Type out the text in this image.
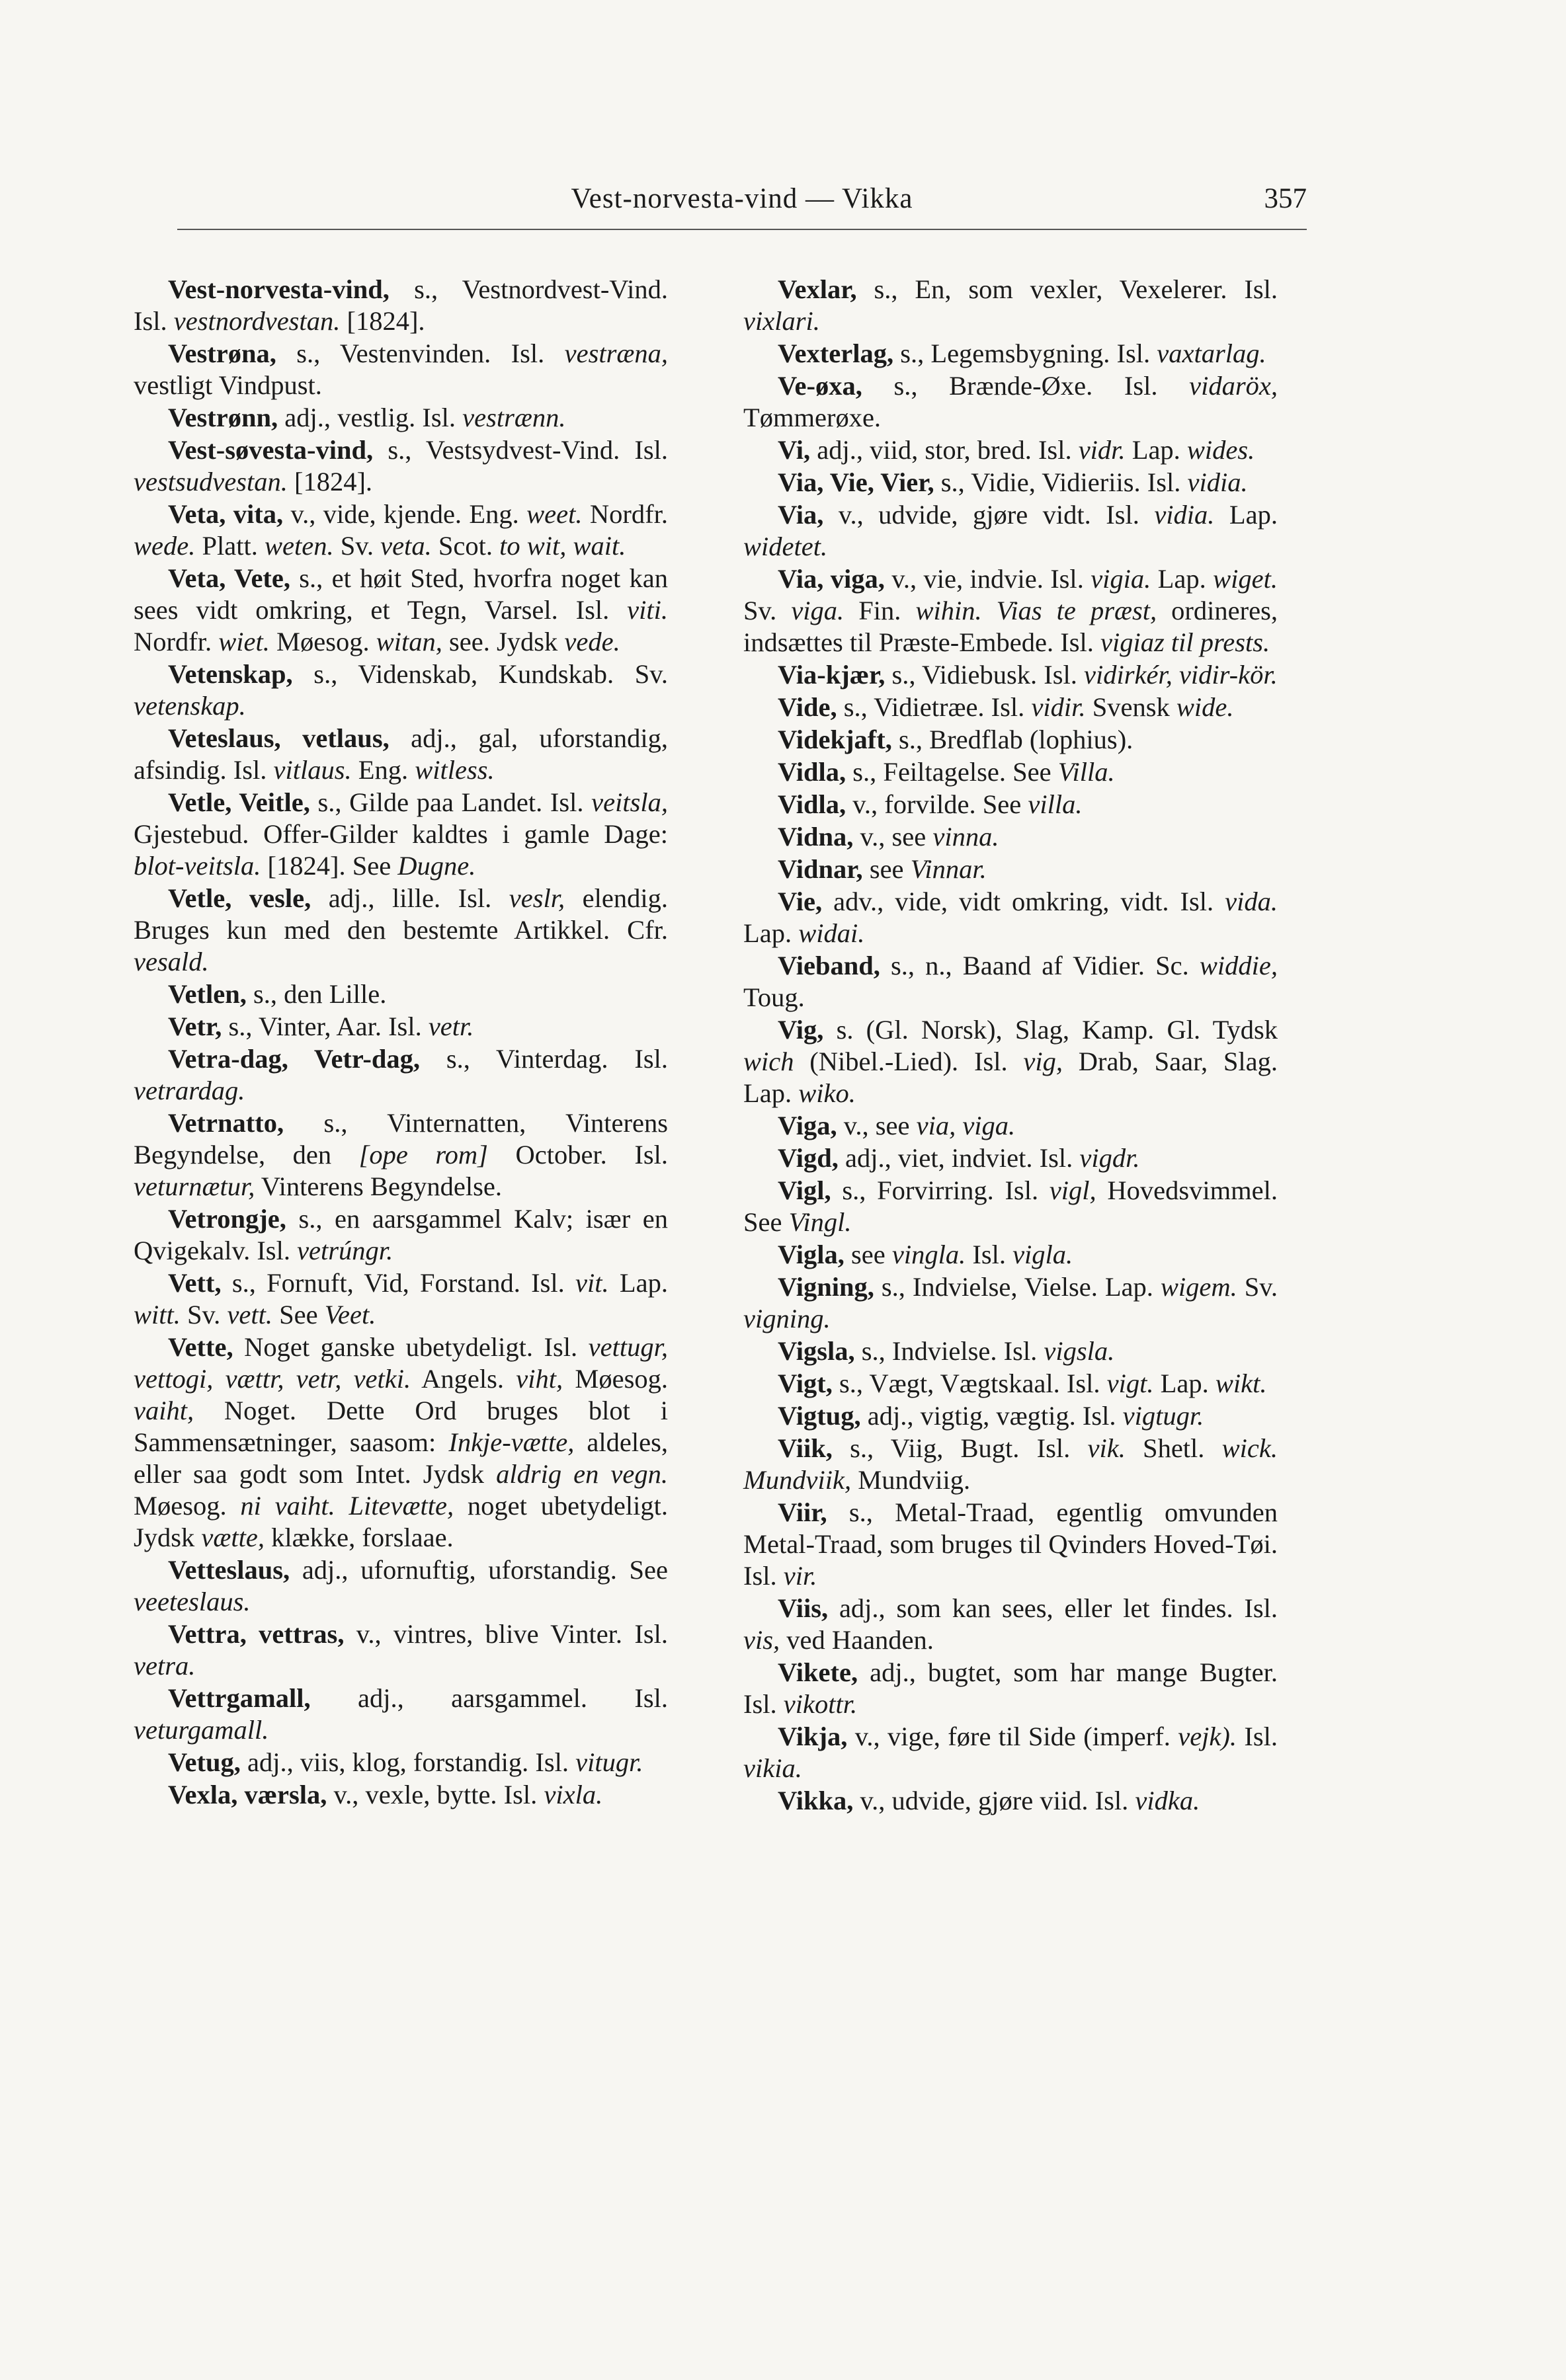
Vest-norvesta-vind — Vikka	357

Vest-norvesta-vind, s., Vestnordvest-Vind. Isl. vestnordvestan. [1824].

Vestrøna, s., Vestenvinden. Isl. vestræna, vestligt Vindpust.

Vestrønn, adj., vestlig. Isl. vestrænn.

Vest-søvesta-vind, s., Vestsydvest-Vind. Isl. vestsudvestan. [1824].

Veta, vita, v., vide, kjende. Eng. weet. Nordfr. wede. Platt. weten. Sv. veta. Scot. to wit, wait.

Veta, Vete, s., et høit Sted, hvorfra noget kan sees vidt omkring, et Tegn, Varsel. Isl. viti. Nordfr. wiet. Møesog. witan, see. Jydsk vede.

Vetenskap, s., Videnskab, Kundskab. Sv. vetenskap.

Veteslaus, vetlaus, adj., gal, uforstandig, afsindig. Isl. vitlaus. Eng. witless.

Vetle, Veitle, s., Gilde paa Landet. Isl. veitsla, Gjestebud. Offer-Gilder kaldtes i gamle Dage: blot-veitsla. [1824]. See Dugne.

Vetle, vesle, adj., lille. Isl. veslr, elendig. Bruges kun med den bestemte Artikkel. Cfr. vesald.

Vetlen, s., den Lille.

Vetr, s., Vinter, Aar. Isl. vetr.

Vetra-dag, Vetr-dag, s., Vinterdag. Isl. vetrardag.

Vetrnatto, s., Vinternatten, Vinterens Begyndelse, den [ope rom] October. Isl. veturnætur, Vinterens Begyndelse.

Vetrongje, s., en aarsgammel Kalv; især en Qvigekalv. Isl. vetrúngr.

Vett, s., Fornuft, Vid, Forstand. Isl. vit. Lap. witt. Sv. vett. See Veet.

Vette, Noget ganske ubetydeligt. Isl. vettugr, vettogi, vættr, vetr, vetki. Angels. viht, Møesog. vaiht, Noget. Dette Ord bruges blot i Sammensætninger, saasom: Inkje-vætte, aldeles, eller saa godt som Intet. Jydsk aldrig en vegn. Møesog. ni vaiht. Litevætte, noget ubetydeligt. Jydsk vætte, klække, forslaae.

Vetteslaus, adj., ufornuftig, uforstandig. See veeteslaus.

Vettra, vettras, v., vintres, blive Vinter. Isl. vetra.

Vettrgamall, adj., aarsgammel. Isl. veturgamall.

Vetug, adj., viis, klog, forstandig. Isl. vitugr.

Vexla, værsla, v., vexle, bytte. Isl. vixla.

Vexlar, s., En, som vexler, Vexelerer. Isl. vixlari.

Vexterlag, s., Legemsbygning. Isl. vaxtarlag.

Ve-øxa, s., Brænde-Øxe. Isl. vidaröx, Tømmerøxe.

Vi, adj., viid, stor, bred. Isl. vidr. Lap. wides.

Via, Vie, Vier, s., Vidie, Vidieriis. Isl. vidia.

Via, v., udvide, gjøre vidt. Isl. vidia. Lap. widetet.

Via, viga, v., vie, indvie. Isl. vigia. Lap. wiget. Sv. viga. Fin. wihin. Vias te præst, ordineres, indsættes til Præste-Embede. Isl. vigiaz til prests.

Via-kjær, s., Vidiebusk. Isl. vidirkér, vidir-kör.

Vide, s., Vidietræe. Isl. vidir. Svensk wide.

Videkjaft, s., Bredflab (lophius).

Vidla, s., Feiltagelse. See Villa.

Vidla, v., forvilde. See villa.

Vidna, v., see vinna.

Vidnar, see Vinnar.

Vie, adv., vide, vidt omkring, vidt. Isl. vida. Lap. widai.

Vieband, s., n., Baand af Vidier. Sc. widdie, Toug.

Vig, s. (Gl. Norsk), Slag, Kamp. Gl. Tydsk wich (Nibel.-Lied). Isl. vig, Drab, Saar, Slag. Lap. wiko.

Viga, v., see via, viga.

Vigd, adj., viet, indviet. Isl. vigdr.

Vigl, s., Forvirring. Isl. vigl, Hovedsvimmel. See Vingl.

Vigla, see vingla. Isl. vigla.

Vigning, s., Indvielse, Vielse. Lap. wigem. Sv. vigning.

Vigsla, s., Indvielse. Isl. vigsla.

Vigt, s., Vægt, Vægtskaal. Isl. vigt. Lap. wikt.

Vigtug, adj., vigtig, vægtig. Isl. vigtugr.

Viik, s., Viig, Bugt. Isl. vik. Shetl. wick. Mundviik, Mundviig.

Viir, s., Metal-Traad, egentlig omvunden Metal-Traad, som bruges til Qvinders Hoved-Tøi. Isl. vir.

Viis, adj., som kan sees, eller let findes. Isl. vis, ved Haanden.

Vikete, adj., bugtet, som har mange Bugter. Isl. vikottr.

Vikja, v., vige, føre til Side (imperf. vejk). Isl. vikia.

Vikka, v., udvide, gjøre viid. Isl. vidka.
